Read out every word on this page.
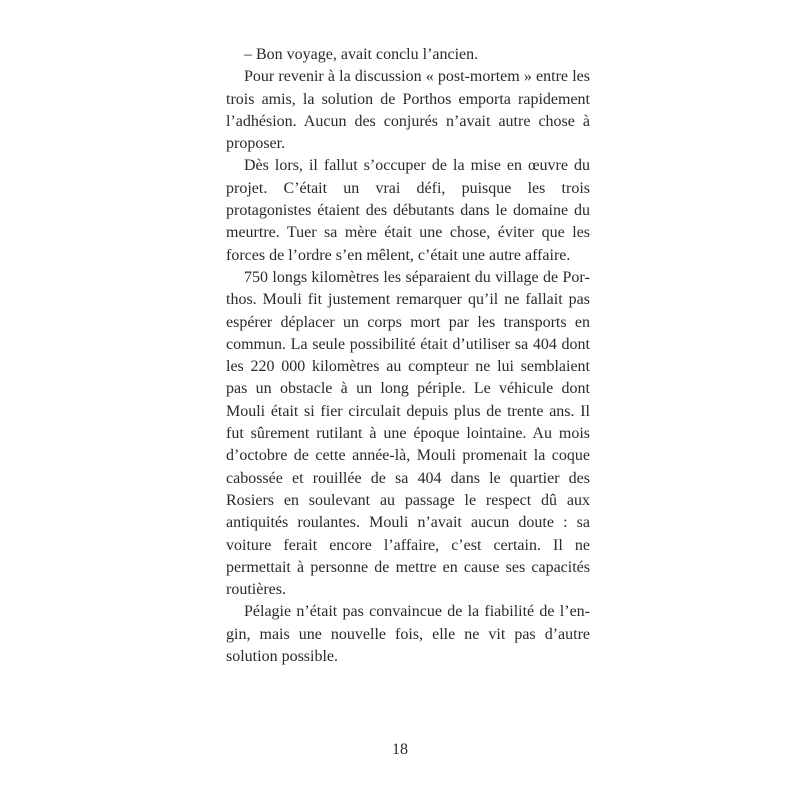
– Bon voyage, avait conclu l’ancien.

Pour revenir à la discussion « post-mortem » entre les trois amis, la solution de Porthos emporta rapidement l’adhésion. Aucun des conjurés n’avait autre chose à proposer.

Dès lors, il fallut s’occuper de la mise en œuvre du projet. C’était un vrai défi, puisque les trois protagonistes étaient des débutants dans le domaine du meurtre. Tuer sa mère était une chose, éviter que les forces de l’ordre s’en mêlent, c’était une autre affaire.

750 longs kilomètres les séparaient du village de Porthos. Mouli fit justement remarquer qu’il ne fallait pas espérer déplacer un corps mort par les transports en commun. La seule possibilité était d’utiliser sa 404 dont les 220 000 kilomètres au compteur ne lui semblaient pas un obstacle à un long périple. Le véhicule dont Mouli était si fier circulait depuis plus de trente ans. Il fut sûrement rutilant à une époque lointaine. Au mois d’octobre de cette année-là, Mouli promenait la coque cabossée et rouillée de sa 404 dans le quartier des Rosiers en soulevant au passage le respect dû aux antiquités roulantes. Mouli n’avait aucun doute : sa voiture ferait encore l’affaire, c’est certain. Il ne permettait à personne de mettre en cause ses capacités routières.

Pélagie n’était pas convaincue de la fiabilité de l’engin, mais une nouvelle fois, elle ne vit pas d’autre solution possible.

18
